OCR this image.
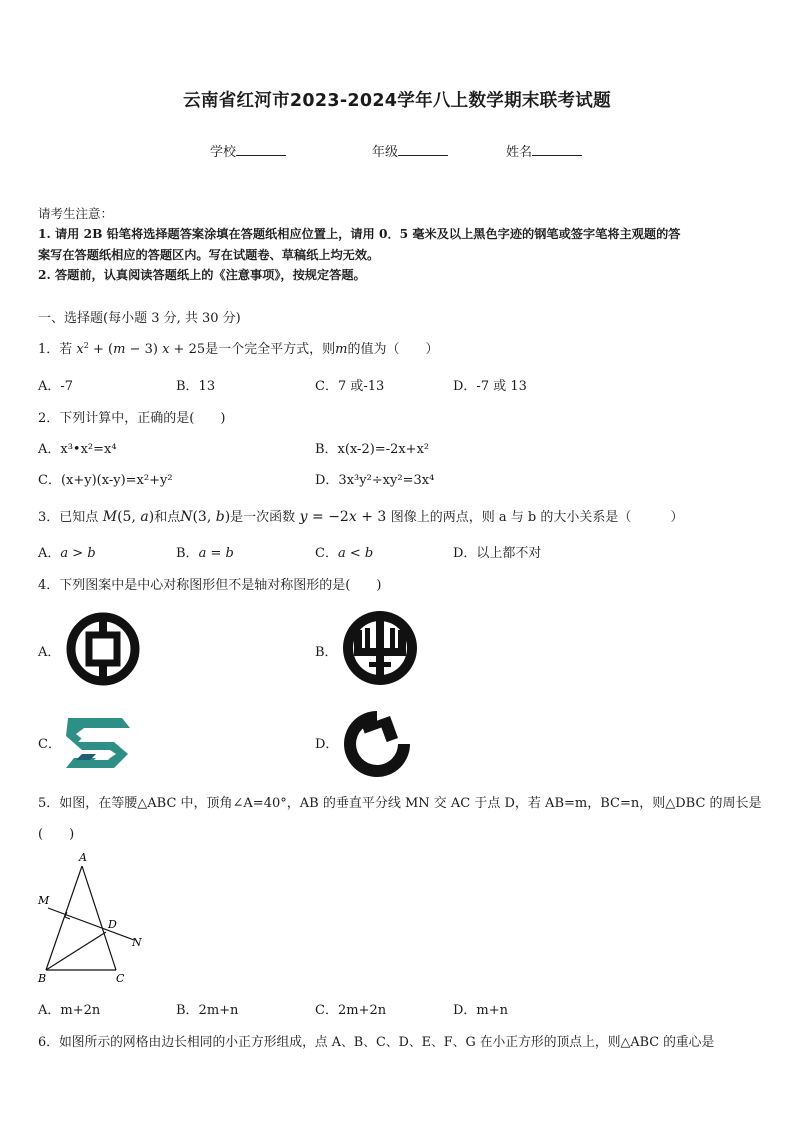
云南省红河市2023-2024学年八上数学期末联考试题
学校	年级	姓名
请考生注意：
1. 请用 2B 铅笔将选择题答案涂填在答题纸相应位置上，请用 0．5 毫米及以上黑色字迹的钢笔或签字笔将主观题的答
案写在答题纸相应的答题区内。写在试题卷、草稿纸上均无效。
2. 答题前，认真阅读答题纸上的《注意事项》，按规定答题。
一、选择题(每小题 3 分, 共 30 分)
1．若 $x^2 + (m - 3) x + 25$是一个完全平方式，则m的值为（　　）
A．-7	B．13	C．7 或-13	D．-7 或 13
2．下列计算中，正确的是(　　)
A．x³•x²=x⁴	B．x(x-2)=-2x+x²
C．(x+y)(x-y)=x²+y²	D．3x³y²÷xy²=3x⁴
3．已知点 M(5, a)和点N(3, b)是一次函数 y = −2x + 3 图像上的两点，则 a 与 b 的大小关系是（　　　）
A．a > b	B．a = b	C．a < b	D．以上都不对
4．下列图案中是中心对称图形但不是轴对称图形的是(　　)
A．	B．
C．	D．
5．如图，在等腰△ABC 中，顶角∠A=40°，AB 的垂直平分线 MN 交 AC 于点 D，若 AB=m，BC=n，则△DBC 的周长是
(　　)
A
M
D
N
B	C
A．m+2n	B．2m+n	C．2m+2n	D．m+n
6．如图所示的网格由边长相同的小正方形组成，点 A、B、C、D、E、F、G 在小正方形的顶点上，则△ABC 的重心是
